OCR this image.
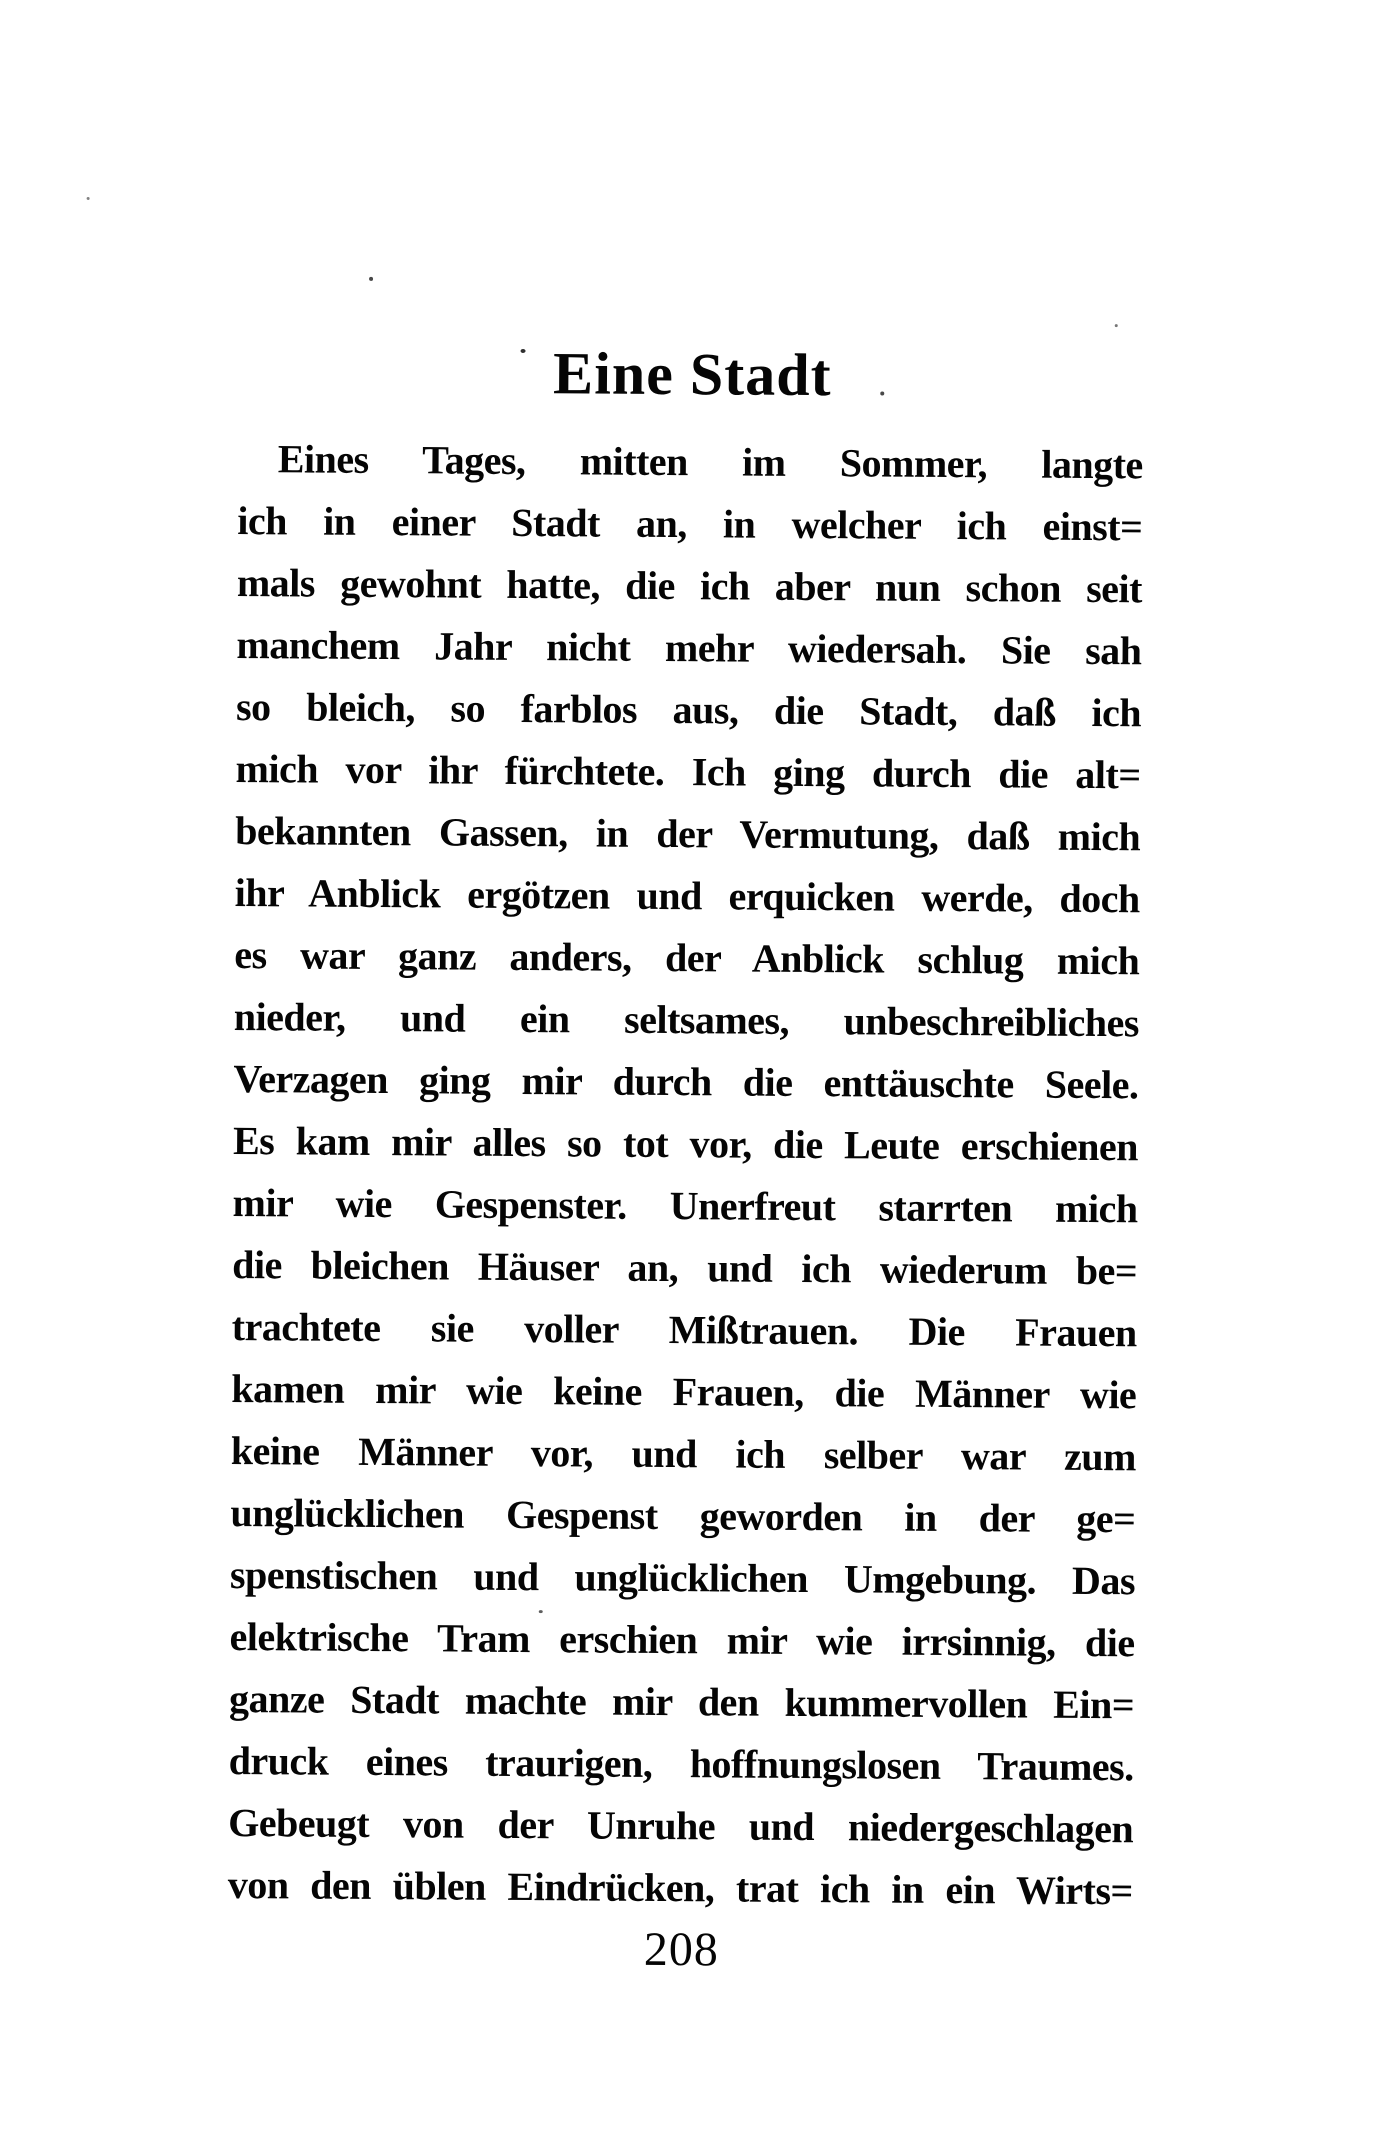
Eine Stadt
Eines Tages, mitten im Sommer, langte
ich in einer Stadt an, in welcher ich einst=
mals gewohnt hatte, die ich aber nun schon seit
manchem Jahr nicht mehr wiedersah. Sie sah
so bleich, so farblos aus, die Stadt, daß ich
mich vor ihr fürchtete. Ich ging durch die alt=
bekannten Gassen, in der Vermutung, daß mich
ihr Anblick ergötzen und erquicken werde, doch
es war ganz anders, der Anblick schlug mich
nieder, und ein seltsames, unbeschreibliches
Verzagen ging mir durch die enttäuschte Seele.
Es kam mir alles so tot vor, die Leute erschienen
mir wie Gespenster. Unerfreut starrten mich
die bleichen Häuser an, und ich wiederum be=
trachtete sie voller Mißtrauen. Die Frauen
kamen mir wie keine Frauen, die Männer wie
keine Männer vor, und ich selber war zum
unglücklichen Gespenst geworden in der ge=
spenstischen und unglücklichen Umgebung. Das
elektrische Tram erschien mir wie irrsinnig, die
ganze Stadt machte mir den kummervollen Ein=
druck eines traurigen, hoffnungslosen Traumes.
Gebeugt von der Unruhe und niedergeschlagen
von den üblen Eindrücken, trat ich in ein Wirts=
208
